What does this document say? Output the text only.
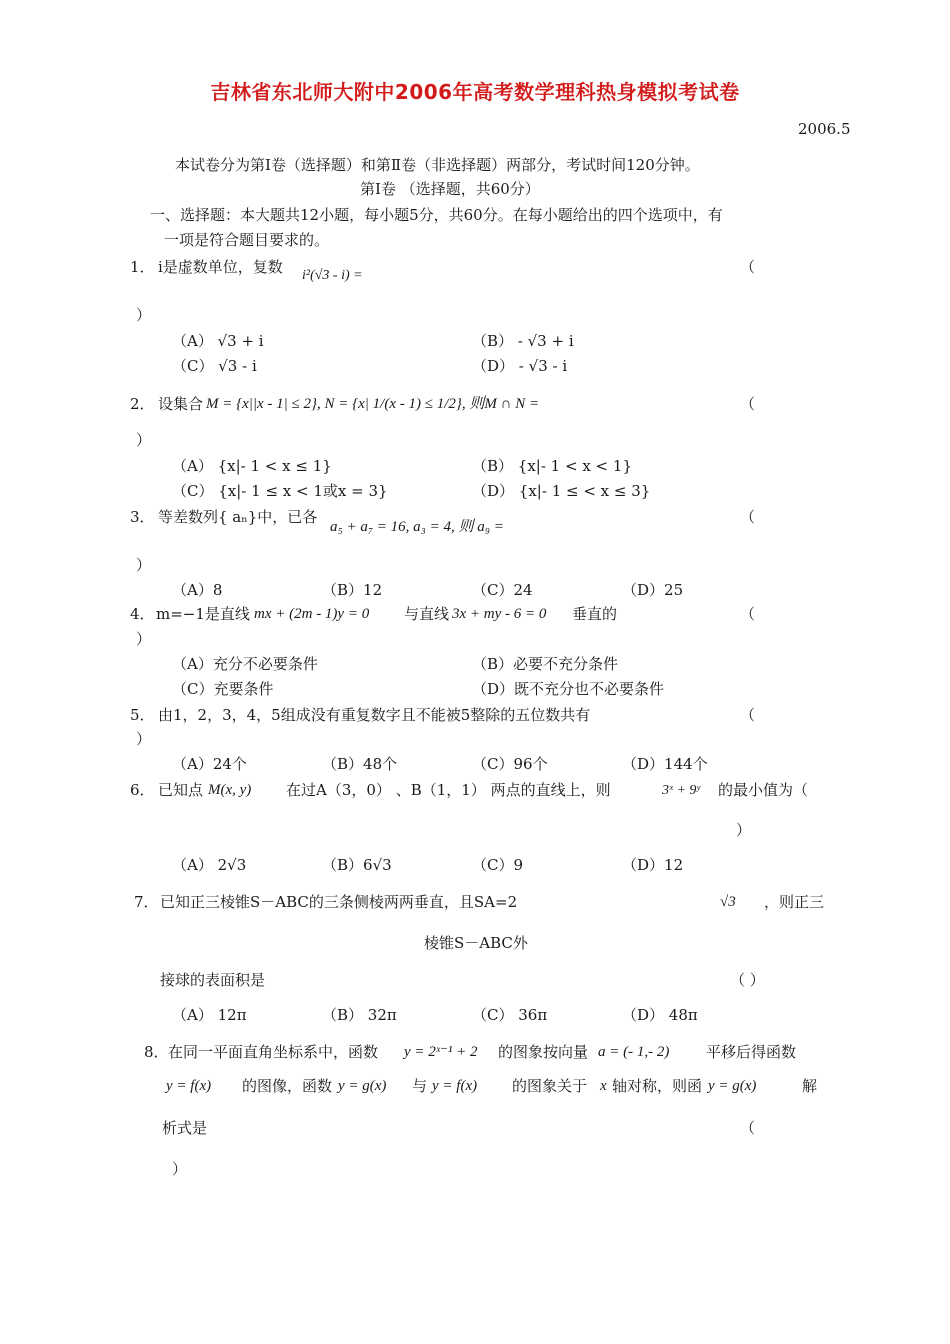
吉林省东北师大附中2006年高考数学理科热身模拟考试卷
2006.5
本试卷分为第Ⅰ卷（选择题）和第Ⅱ卷（非选择题）两部分，考试时间120分钟。
第Ⅰ卷 （选择题，共60分）
一、选择题：本大题共12小题，每小题5分，共60分。在每小题给出的四个选项中，有
一项是符合题目要求的。
1． i是虚数单位，复数 i²(√3 - i) =	（
）
（A） √3 + i	（B） - √3 + i
（C） √3 - i	（D） - √3 - i
2． 设集合 M = {x||x - 1| ≤ 2}, N = {x| 1/(x - 1) ≤ 1/2}, 则M ∩ N =	（
）
（A） {x|- 1 < x ≤ 1}	（B） {x|- 1 < x < 1}
（C） {x|- 1 ≤ x < 1或x = 3}	（D） {x|- 1 ≤ < x ≤ 3}
3． 等差数列{ aₙ}中，已各
a₅ + a₇ = 16, a₃ = 4, 则 a₉ =
（
）
（A）8	（B）12	（C）24	（D）25
4． m=−1是直线 mx + (2m - 1)y = 0 与直线 3x + my - 6 = 0 垂直的	（
）
（A）充分不必要条件	（B）必要不充分条件
（C）充要条件	（D）既不充分也不必要条件
5． 由1，2，3，4，5组成没有重复数字且不能被5整除的五位数共有	（
）
（A）24个	（B）48个	（C）96个	（D）144个
6． 已知点 M(x, y) 在过A（3，0） 、B（1，1） 两点的直线上，则	3ˣ + 9ʸ 的最小值为（
）
（A） 2√3	（B）6√3	（C）9	（D）12
7． 已知正三棱锥S－ABC的三条侧棱两两垂直，且SA=2	√3 ，则正三
棱锥S－ABC外
接球的表面积是	（ ）
（A） 12π	（B） 32π	（C） 36π	（D） 48π
8． 在同一平面直角坐标系中，函数 y = 2ˣ⁻¹ + 2 的图象按向量 a = (- 1,- 2) 平移后得函数
y = f(x) 的图像，函数 y = g(x) 与 y = f(x) 的图象关于 x 轴对称，则函 y = g(x)	解
析式是	（
）
